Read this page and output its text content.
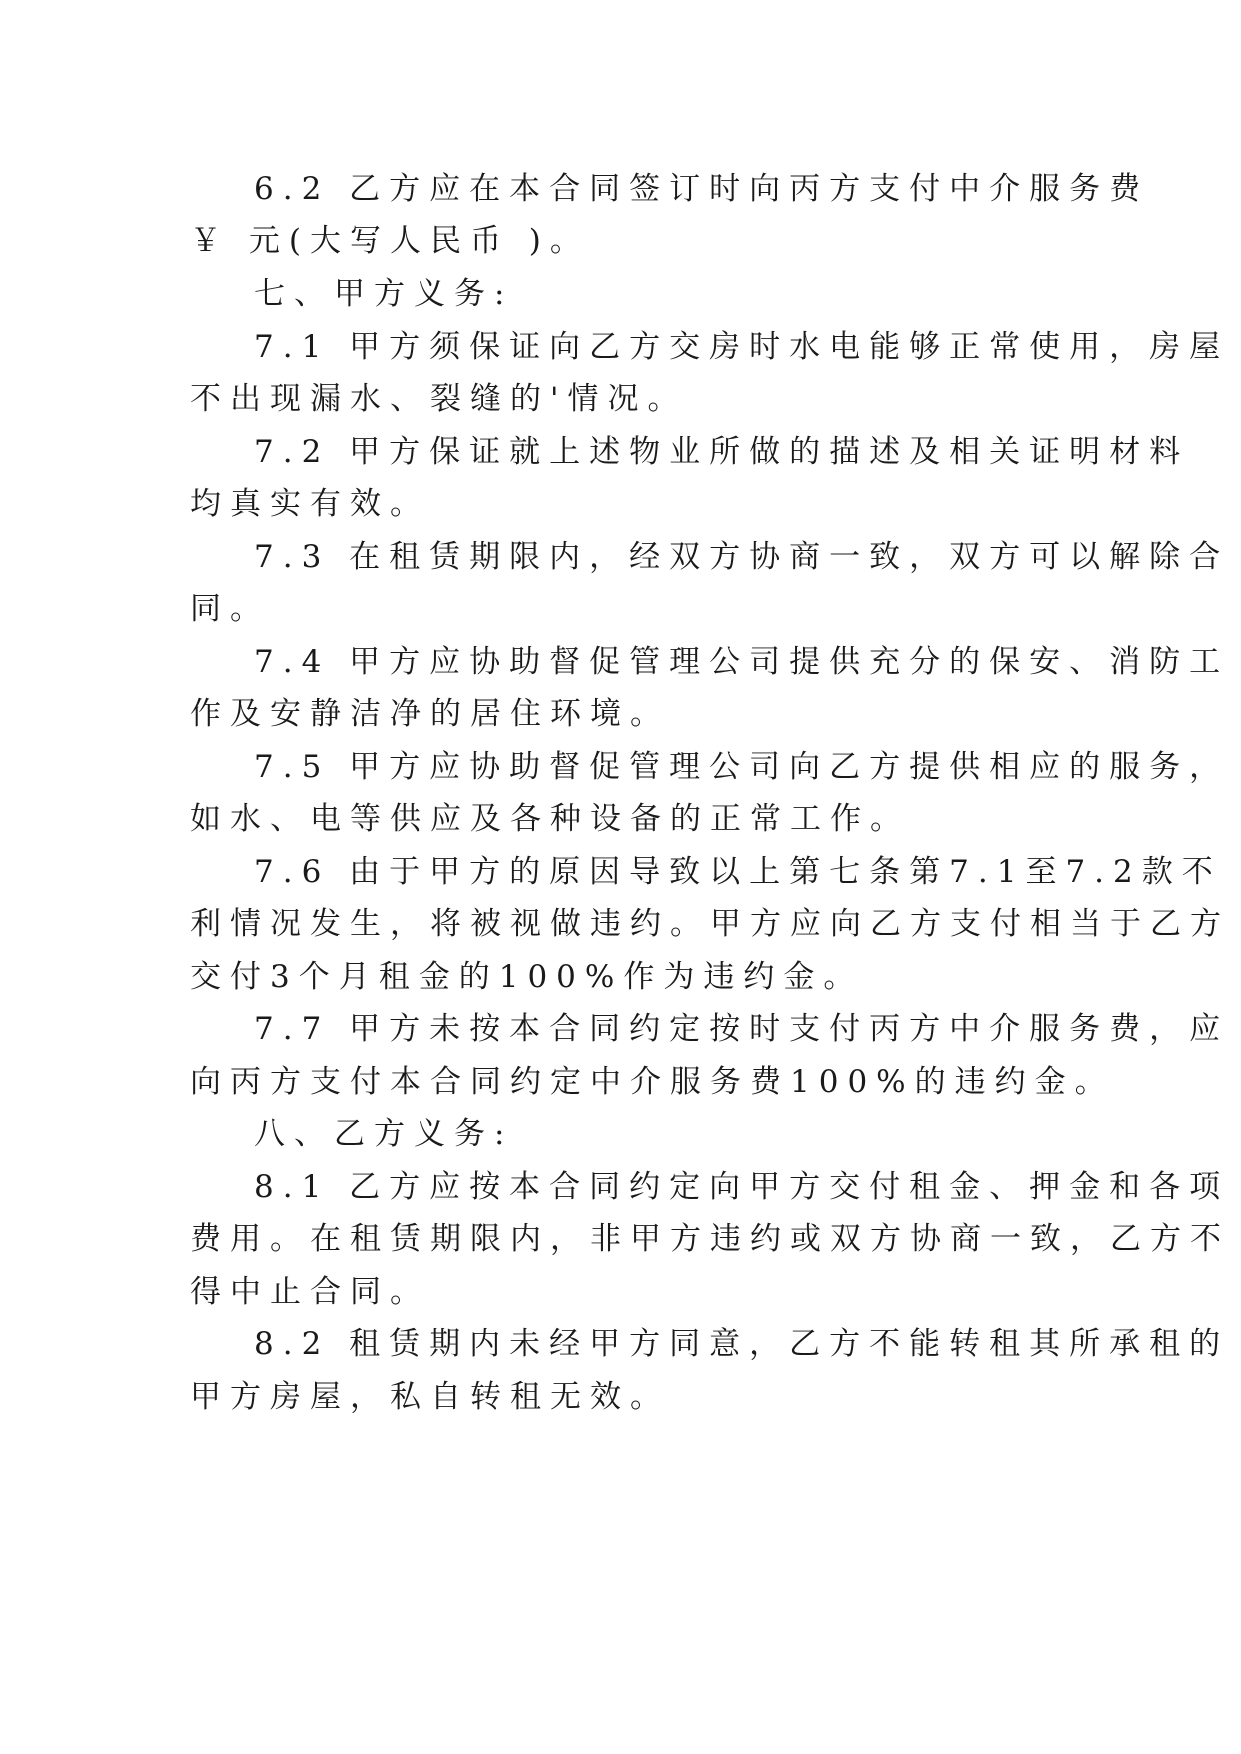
6.2 乙方应在本合同签订时向丙方支付中介服务费
￥ 元(大写人民币 )。
七、甲方义务:
7.1 甲方须保证向乙方交房时水电能够正常使用，房屋
不出现漏水、裂缝的'情况。
7.2 甲方保证就上述物业所做的描述及相关证明材料
均真实有效。
7.3 在租赁期限内，经双方协商一致，双方可以解除合
同。
7.4 甲方应协助督促管理公司提供充分的保安、消防工
作及安静洁净的居住环境。
7.5 甲方应协助督促管理公司向乙方提供相应的服务，
如水、电等供应及各种设备的正常工作。
7.6 由于甲方的原因导致以上第七条第7.1至7.2款不
利情况发生，将被视做违约。甲方应向乙方支付相当于乙方
交付3个月租金的100%作为违约金。
7.7 甲方未按本合同约定按时支付丙方中介服务费，应
向丙方支付本合同约定中介服务费100%的违约金。
八、乙方义务:
8.1 乙方应按本合同约定向甲方交付租金、押金和各项
费用。在租赁期限内，非甲方违约或双方协商一致，乙方不
得中止合同。
8.2 租赁期内未经甲方同意，乙方不能转租其所承租的
甲方房屋，私自转租无效。
